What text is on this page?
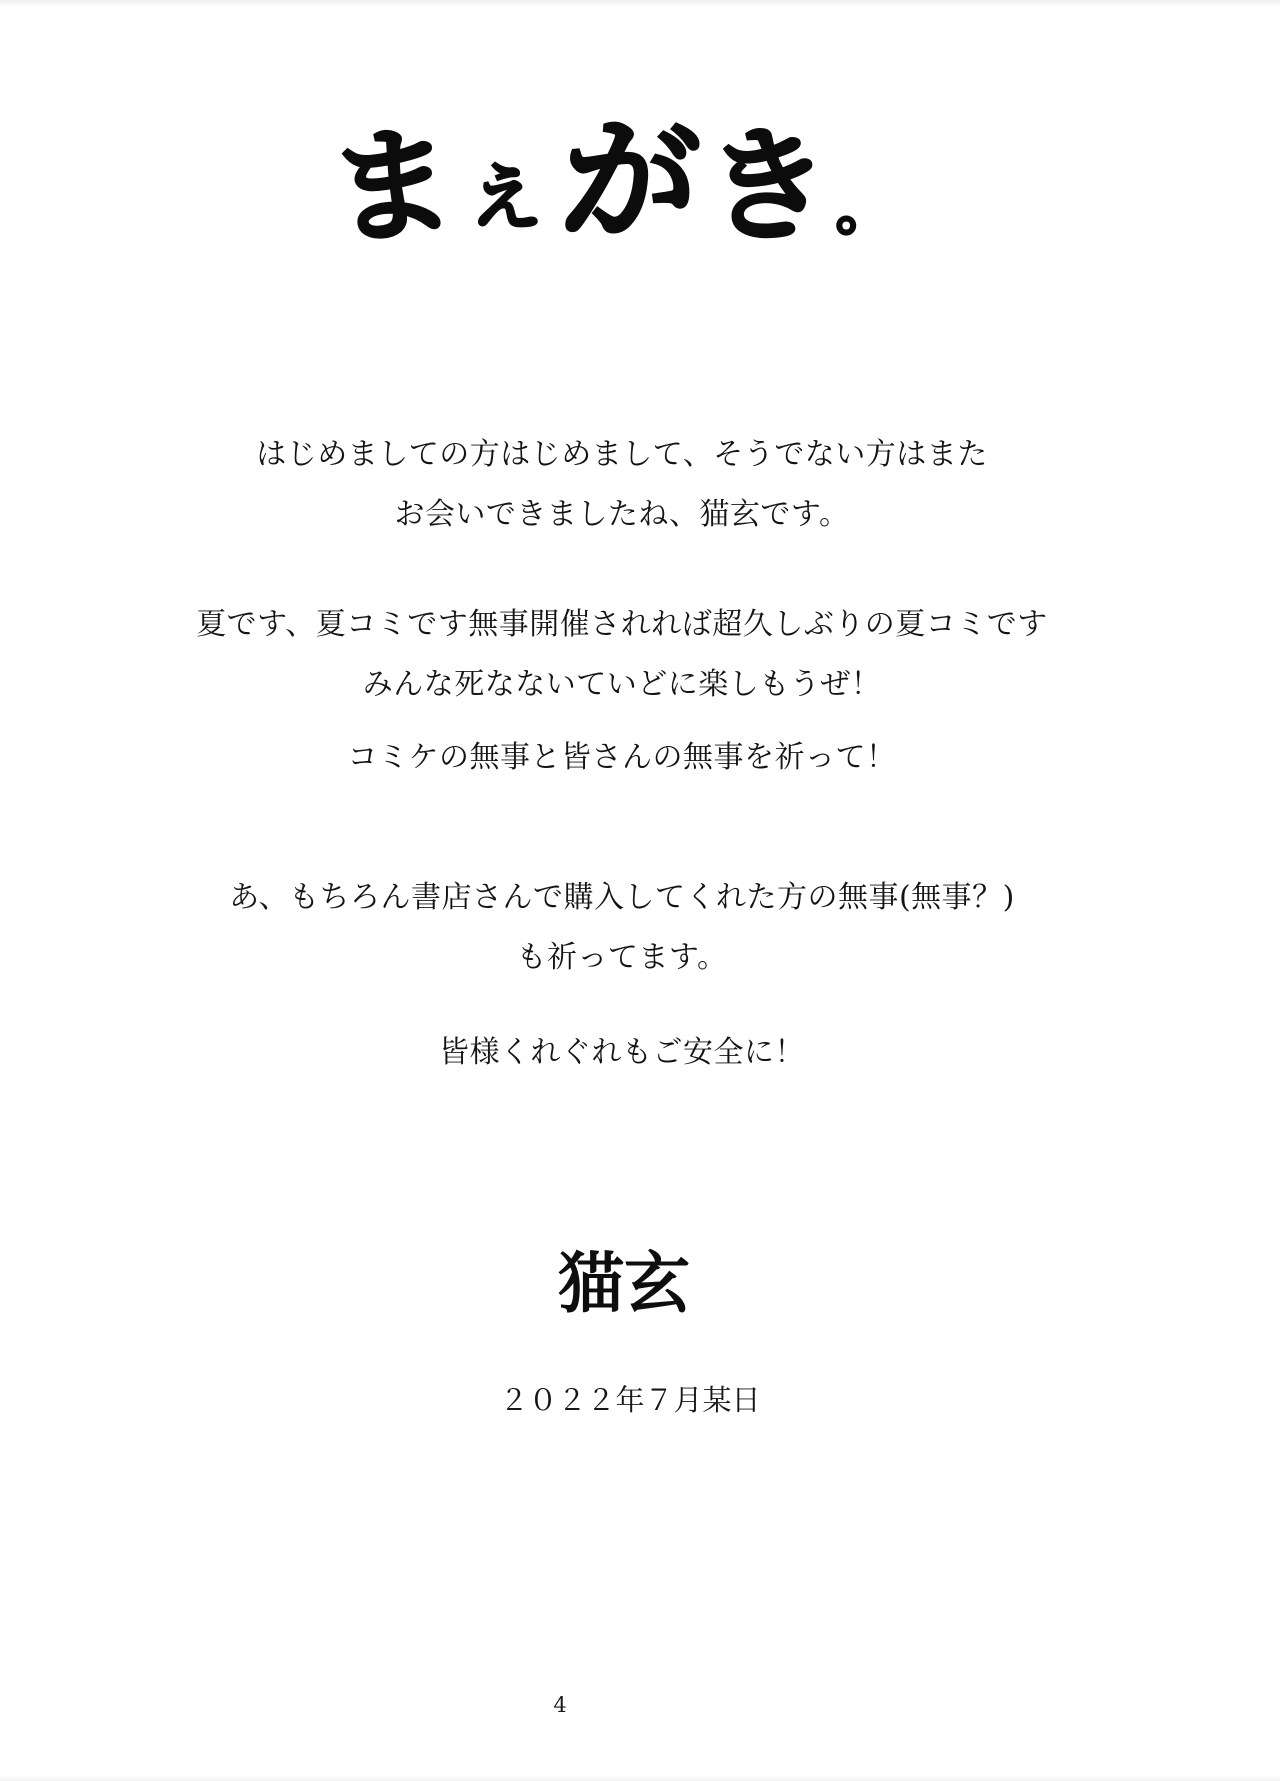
ま え がき。

はじめましての方はじめまして、そうでない方はまた
お会いできましたね、猫玄です。

夏です、夏コミです無事開催されれば超久しぶりの夏コミです
みんな死なないていどに楽しもうぜ！

コミケの無事と皆さんの無事を祈って！

あ、もちろん書店さんで購入してくれた方の無事(無事？)
も祈ってます。

皆様くれぐれもご安全に！

猫玄
２０２２年７月某日
4
